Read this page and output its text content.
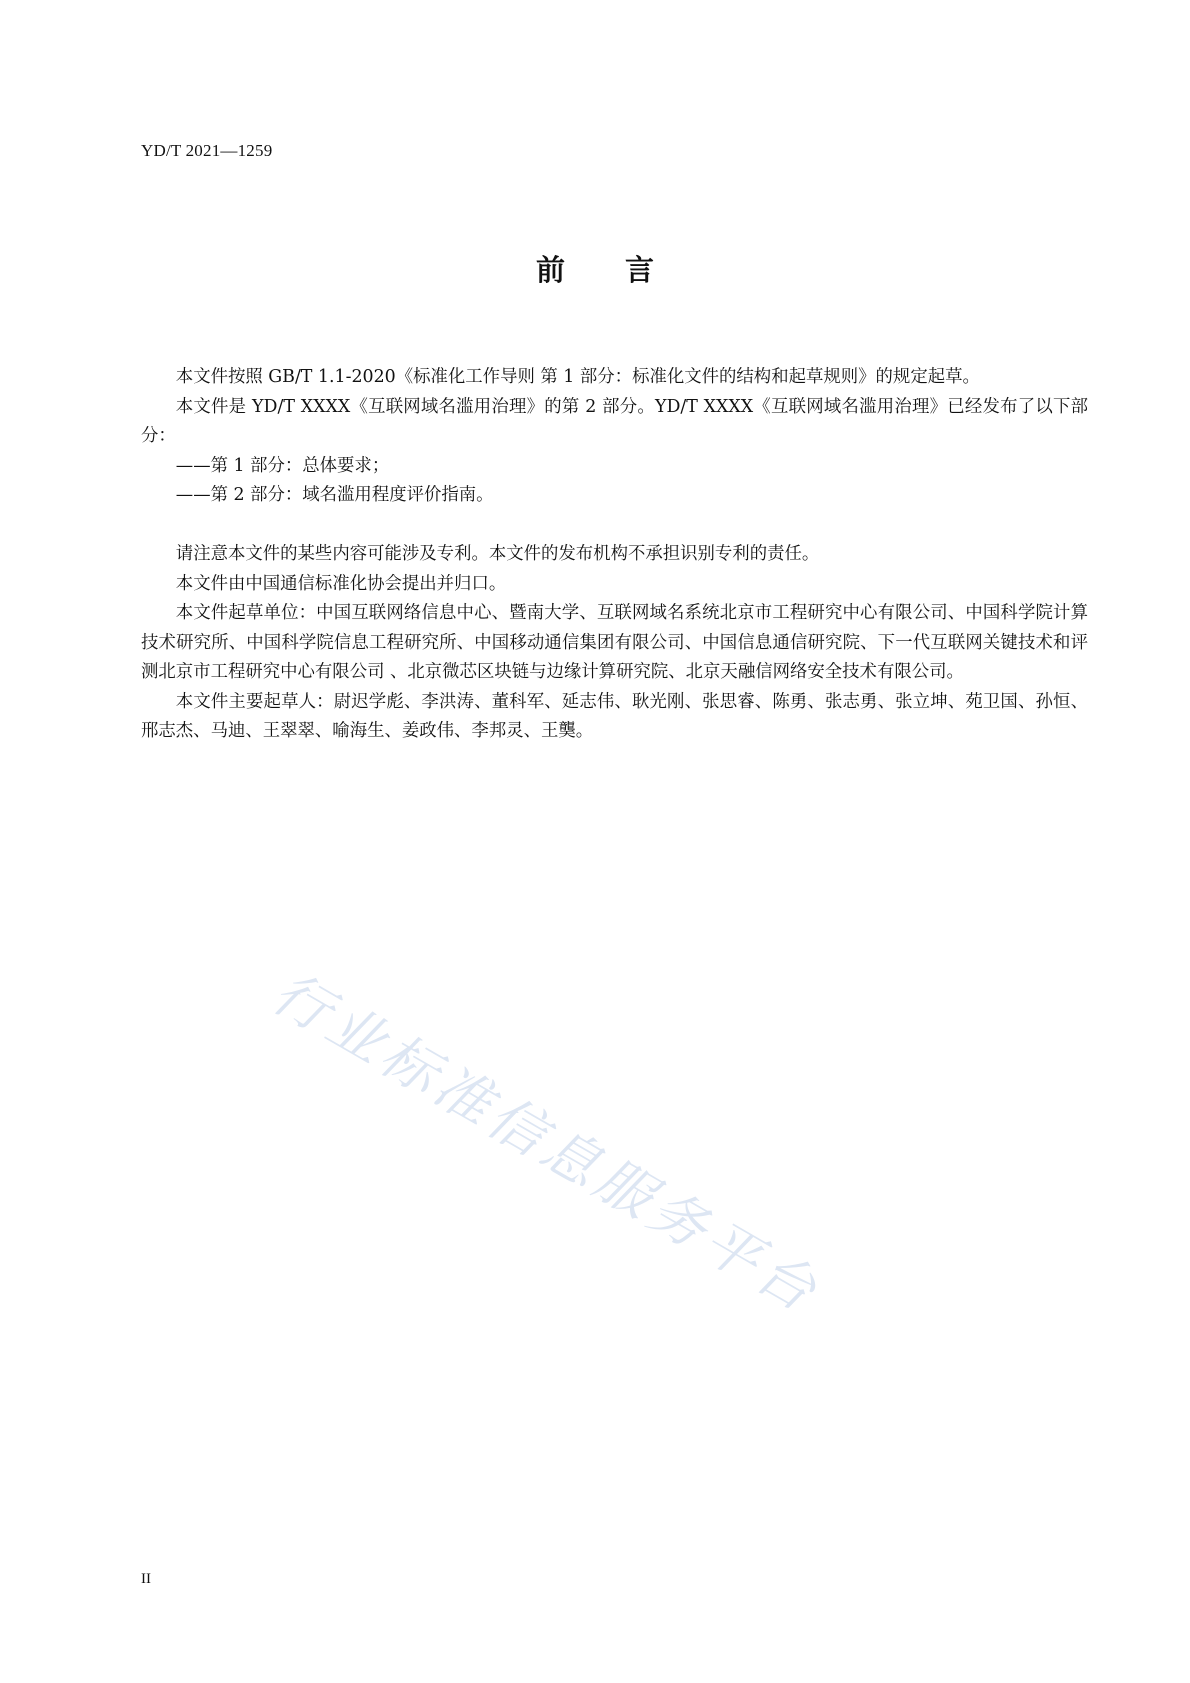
YD/T 2021—1259
前 言

本文件按照 GB/T 1.1-2020《标准化工作导则 第 1 部分：标准化文件的结构和起草规则》的规定起草。

本文件是 YD/T XXXX《互联网域名滥用治理》的第 2 部分。YD/T XXXX《互联网域名滥用治理》已经发布了以下部分：

——第 1 部分：总体要求；

——第 2 部分：域名滥用程度评价指南。

请注意本文件的某些内容可能涉及专利。本文件的发布机构不承担识别专利的责任。

本文件由中国通信标准化协会提出并归口。

本文件起草单位：中国互联网络信息中心、暨南大学、互联网域名系统北京市工程研究中心有限公司、中国科学院计算技术研究所、中国科学院信息工程研究所、中国移动通信集团有限公司、中国信息通信研究院、下一代互联网关键技术和评测北京市工程研究中心有限公司 、北京微芯区块链与边缘计算研究院、北京天融信网络安全技术有限公司。

本文件主要起草人：尉迟学彪、李洪涛、董科军、延志伟、耿光刚、张思睿、陈勇、张志勇、张立坤、苑卫国、孙恒、邢志杰、马迪、王翠翠、喻海生、姜政伟、李邦灵、王龑。

行业标准信息服务平台
II
